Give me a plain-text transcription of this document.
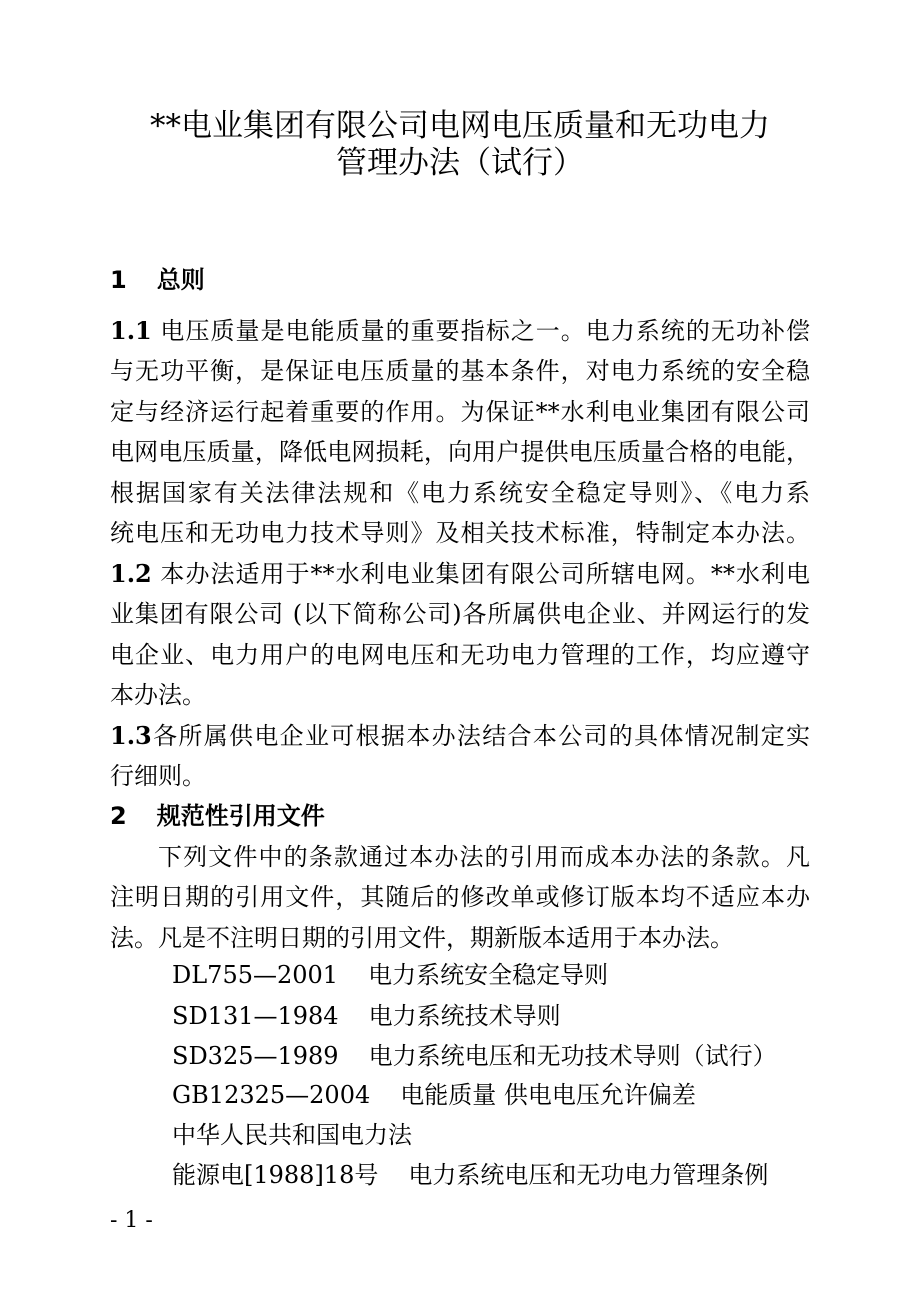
**电业集团有限公司电网电压质量和无功电力
管理办法（试行）
1 总则
1.1 电压质量是电能质量的重要指标之一。电力系统的无功补偿
与无功平衡，是保证电压质量的基本条件，对电力系统的安全稳
定与经济运行起着重要的作用。为保证**水利电业集团有限公司
电网电压质量，降低电网损耗，向用户提供电压质量合格的电能，
根据国家有关法律法规和《电力系统安全稳定导则》、《电力系
统电压和无功电力技术导则》及相关技术标准，特制定本办法。
1.2 本办法适用于**水利电业集团有限公司所辖电网。**水利电
业集团有限公司 (以下简称公司)各所属供电企业、并网运行的发
电企业、电力用户的电网电压和无功电力管理的工作，均应遵守
本办法。
1.3各所属供电企业可根据本办法结合本公司的具体情况制定实
行细则。
2 规范性引用文件
下列文件中的条款通过本办法的引用而成本办法的条款。凡
注明日期的引用文件，其随后的修改单或修订版本均不适应本办
法。凡是不注明日期的引用文件，期新版本适用于本办法。
DL755—2001 电力系统安全稳定导则
SD131—1984 电力系统技术导则
SD325—1989 电力系统电压和无功技术导则（试行）
GB12325—2004 电能质量 供电电压允许偏差
中华人民共和国电力法
能源电[1988]18号 电力系统电压和无功电力管理条例
- 1 -
